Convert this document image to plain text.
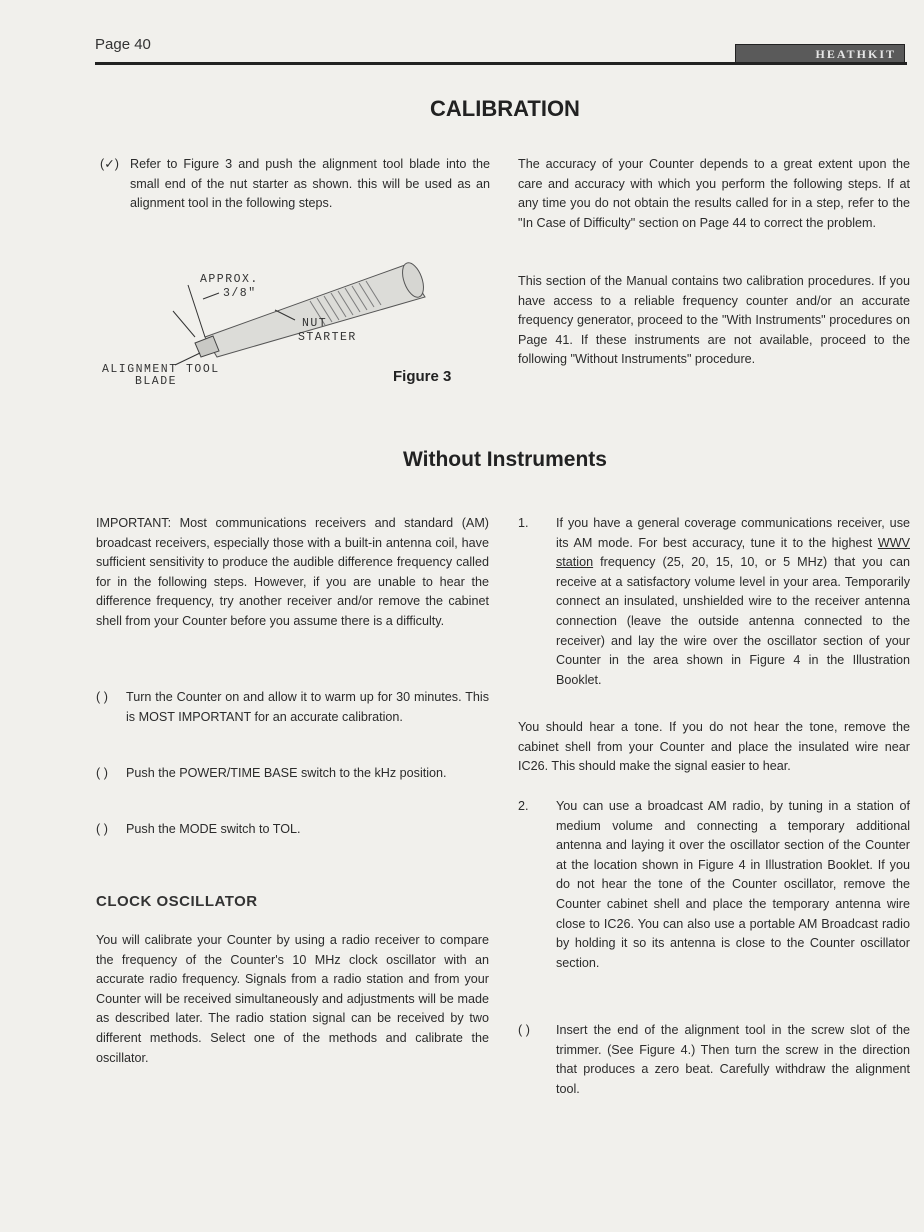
Page 40
HEATHKIT
CALIBRATION
(✓) Refer to Figure 3 and push the alignment tool blade into the small end of the nut starter as shown. this will be used as an alignment tool in the following steps.
APPROX.
3/8"
NUT
STARTER
ALIGNMENT TOOL
BLADE	Figure 3
The accuracy of your Counter depends to a great extent upon the care and accuracy with which you perform the following steps. If at any time you do not obtain the results called for in a step, refer to the "In Case of Difficulty" section on Page 44 to correct the problem.
This section of the Manual contains two calibration procedures. If you have access to a reliable frequency counter and/or an accurate frequency generator, proceed to the "With Instruments" procedures on Page 41. If these instruments are not available, proceed to the following "Without Instruments" procedure.
Without Instruments
IMPORTANT: Most communications receivers and standard (AM) broadcast receivers, especially those with a built-in antenna coil, have sufficient sensitivity to produce the audible difference frequency called for in the following steps. However, if you are unable to hear the difference frequency, try another receiver and/or remove the cabinet shell from your Counter before you assume there is a difficulty.
( )	Turn the Counter on and allow it to warm up for 30 minutes. This is MOST IMPORTANT for an accurate calibration.
( )	Push the POWER/TIME BASE switch to the kHz position.
( )	Push the MODE switch to TOL.
CLOCK OSCILLATOR
You will calibrate your Counter by using a radio receiver to compare the frequency of the Counter's 10 MHz clock oscillator with an accurate radio frequency. Signals from a radio station and from your Counter will be received simultaneously and adjustments will be made as described later. The radio station signal can be received by two different methods. Select one of the methods and calibrate the oscillator.
1.	If you have a general coverage communications receiver, use its AM mode. For best accuracy, tune it to the highest WWV station frequency (25, 20, 15, 10, or 5 MHz) that you can receive at a satisfactory volume level in your area. Temporarily connect an insulated, unshielded wire to the receiver antenna connection (leave the outside antenna connected to the receiver) and lay the wire over the oscillator section of your Counter in the area shown in Figure 4 in the Illustration Booklet.
You should hear a tone. If you do not hear the tone, remove the cabinet shell from your Counter and place the insulated wire near IC26. This should make the signal easier to hear.
2.	You can use a broadcast AM radio, by tuning in a station of medium volume and connecting a temporary additional antenna and laying it over the oscillator section of the Counter at the location shown in Figure 4 in Illustration Booklet. If you do not hear the tone of the Counter oscillator, remove the Counter cabinet shell and place the temporary antenna wire close to IC26. You can also use a portable AM Broadcast radio by holding it so its antenna is close to the Counter oscillator section.
( )	Insert the end of the alignment tool in the screw slot of the trimmer. (See Figure 4.) Then turn the screw in the direction that produces a zero beat. Carefully withdraw the alignment tool.
